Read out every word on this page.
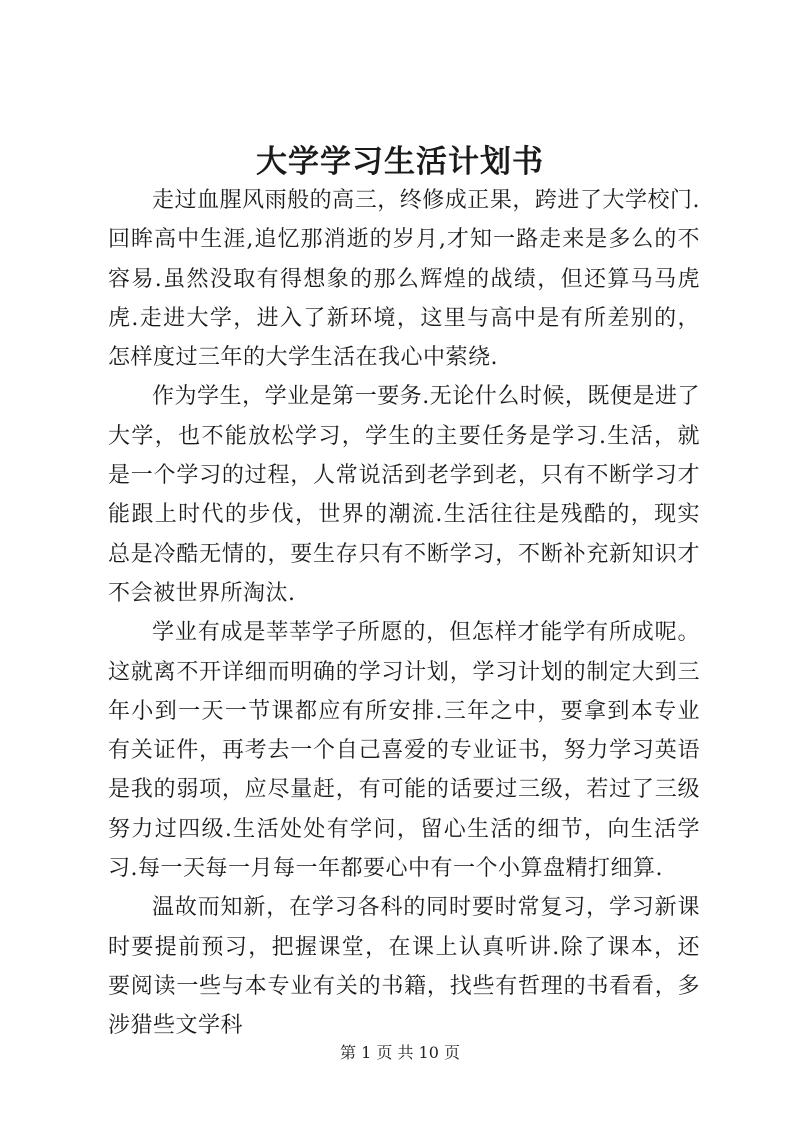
大学学习生活计划书

走过血腥风雨般的高三，终修成正果，跨进了大学校门.回眸高中生涯,追忆那消逝的岁月,才知一路走来是多么的不容易.虽然没取有得想象的那么辉煌的战绩，但还算马马虎虎.走进大学，进入了新环境，这里与高中是有所差别的，怎样度过三年的大学生活在我心中萦绕.

作为学生，学业是第一要务.无论什么时候，既便是进了大学，也不能放松学习，学生的主要任务是学习.生活，就是一个学习的过程，人常说活到老学到老，只有不断学习才能跟上时代的步伐，世界的潮流.生活往往是残酷的，现实总是冷酷无情的，要生存只有不断学习，不断补充新知识才不会被世界所淘汰.

学业有成是莘莘学子所愿的，但怎样才能学有所成呢。这就离不开详细而明确的学习计划，学习计划的制定大到三年小到一天一节课都应有所安排.三年之中，要拿到本专业有关证件，再考去一个自己喜爱的专业证书，努力学习英语是我的弱项，应尽量赶，有可能的话要过三级，若过了三级努力过四级.生活处处有学问，留心生活的细节，向生活学习.每一天每一月每一年都要心中有一个小算盘精打细算.

温故而知新，在学习各科的同时要时常复习，学习新课时要提前预习，把握课堂，在课上认真听讲.除了课本，还要阅读一些与本专业有关的书籍，找些有哲理的书看看，多涉猎些文学科

第 1 页 共 10 页
